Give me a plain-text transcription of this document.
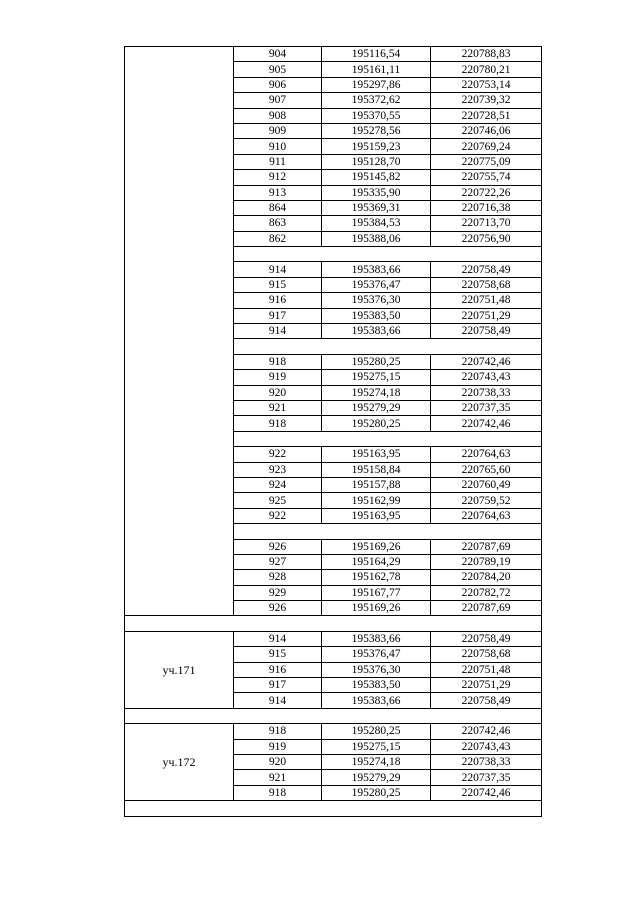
	904	195116,54	220788,83
	905	195161,11	220780,21
	906	195297,86	220753,14
	907	195372,62	220739,32
	908	195370,55	220728,51
	909	195278,56	220746,06
	910	195159,23	220769,24
	911	195128,70	220775,09
	912	195145,82	220755,74
	913	195335,90	220722,26
	864	195369,31	220716,38
	863	195384,53	220713,70
	862	195388,06	220756,90

	914	195383,66	220758,49
	915	195376,47	220758,68
	916	195376,30	220751,48
	917	195383,50	220751,29
	914	195383,66	220758,49

	918	195280,25	220742,46
	919	195275,15	220743,43
	920	195274,18	220738,33
	921	195279,29	220737,35
	918	195280,25	220742,46

	922	195163,95	220764,63
	923	195158,84	220765,60
	924	195157,88	220760,49
	925	195162,99	220759,52
	922	195163,95	220764,63

	926	195169,26	220787,69
	927	195164,29	220789,19
	928	195162,78	220784,20
	929	195167,77	220782,72
	926	195169,26	220787,69

уч.171	914	195383,66	220758,49
	915	195376,47	220758,68
	916	195376,30	220751,48
	917	195383,50	220751,29
	914	195383,66	220758,49

уч.172	918	195280,25	220742,46
	919	195275,15	220743,43
	920	195274,18	220738,33
	921	195279,29	220737,35
	918	195280,25	220742,46
